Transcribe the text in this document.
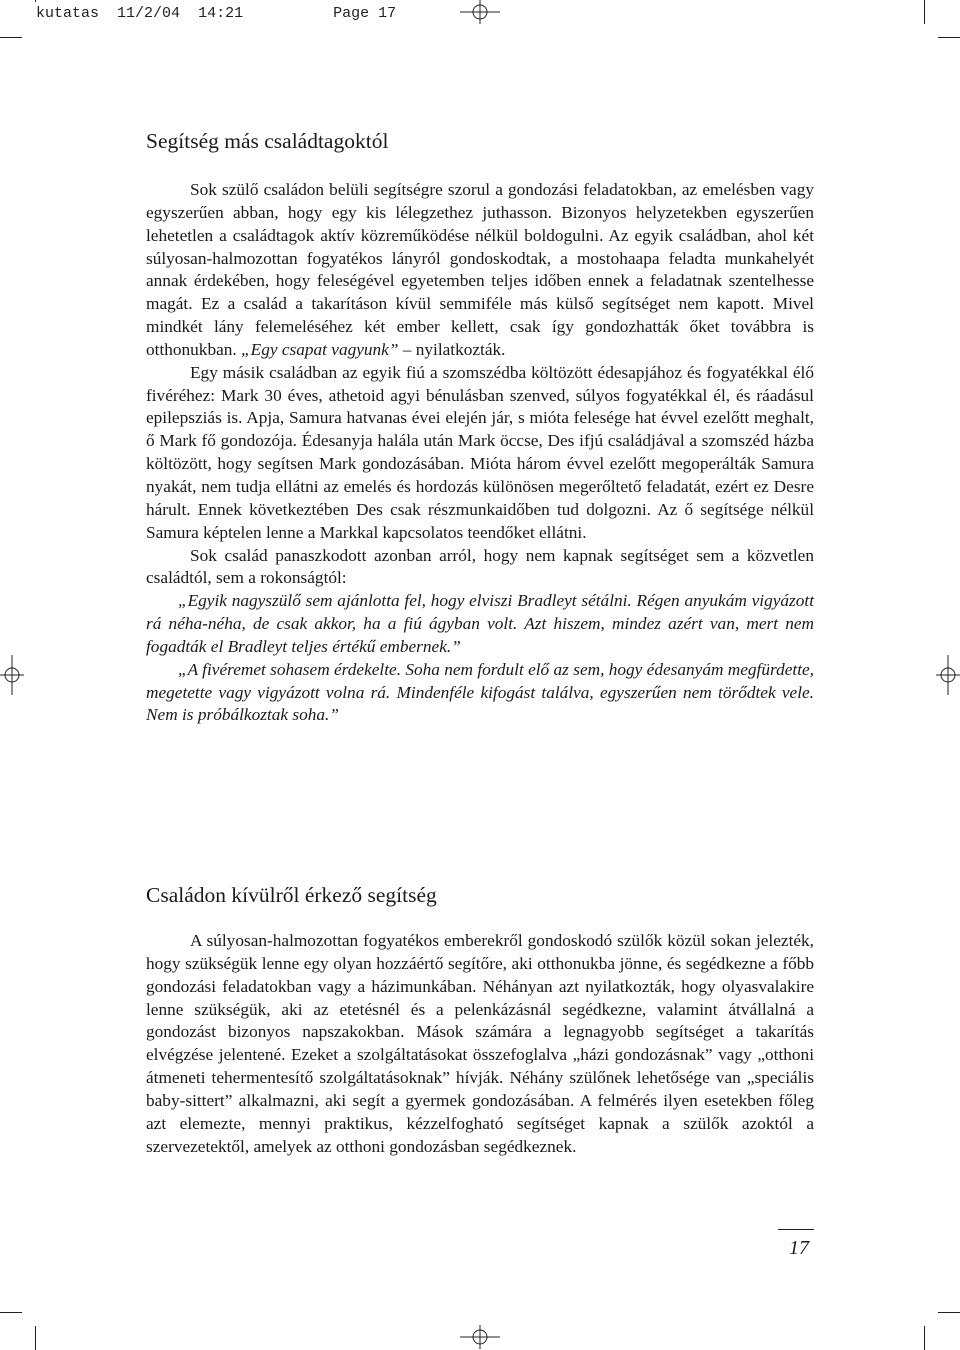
kutatas 11/2/04 14:21	Page 17
Segítség más családtagoktól

Sok szülő családon belüli segítségre szorul a gondozási feladatokban, az emelésben vagy egyszerűen abban, hogy egy kis lélegzethez juthasson. Bizonyos helyzetekben egyszerűen lehetetlen a családtagok aktív közreműködése nélkül boldogulni. Az egyik családban, ahol két súlyosan-halmozottan fogyatékos lányról gondoskodtak, a mostohaapa feladta munkahelyét annak érdekében, hogy feleségével egyetemben teljes időben ennek a feladatnak szentelhesse magát. Ez a család a takarításon kívül semmiféle más külső segítséget nem kapott. Mivel mindkét lány felemeléséhez két ember kellett, csak így gondozhatták őket továbbra is otthonukban. „Egy csapat vagyunk” – nyilatkozták.

Egy másik családban az egyik fiú a szomszédba költözött édesapjához és fogyatékkal élő fivéréhez: Mark 30 éves, athetoid agyi bénulásban szenved, súlyos fogyatékkal él, és ráadásul epilepsziás is. Apja, Samura hatvanas évei elején jár, s mióta felesége hat évvel ezelőtt meghalt, ő Mark fő gondozója. Édesanyja halála után Mark öccse, Des ifjú családjával a szomszéd házba költözött, hogy segítsen Mark gondozásában. Mióta három évvel ezelőtt megoperálták Samura nyakát, nem tudja ellátni az emelés és hordozás különösen megerőltető feladatát, ezért ez Desre hárult. Ennek következtében Des csak részmunkaidőben tud dolgozni. Az ő segítsége nélkül Samura képtelen lenne a Markkal kapcsolatos teendőket ellátni.

Sok család panaszkodott azonban arról, hogy nem kapnak segítséget sem a közvetlen családtól, sem a rokonságtól:

„Egyik nagyszülő sem ajánlotta fel, hogy elviszi Bradleyt sétálni. Régen anyukám vigyázott rá néha-néha, de csak akkor, ha a fiú ágyban volt. Azt hiszem, mindez azért van, mert nem fogadták el Bradleyt teljes értékű embernek.”

„A fivéremet sohasem érdekelte. Soha nem fordult elő az sem, hogy édesanyám megfürdette, megetette vagy vigyázott volna rá. Mindenféle kifogást találva, egyszerűen nem törődtek vele. Nem is próbálkoztak soha.”

Családon kívülről érkező segítség

A súlyosan-halmozottan fogyatékos emberekről gondoskodó szülők közül sokan jelezték, hogy szükségük lenne egy olyan hozzáértő segítőre, aki otthonukba jönne, és segédkezne a főbb gondozási feladatokban vagy a házimunkában. Néhányan azt nyilatkozták, hogy olyasvalakire lenne szükségük, aki az etetésnél és a pelenkázásnál segédkezne, valamint átvállalná a gondozást bizonyos napszakokban. Mások számára a legnagyobb segítséget a takarítás elvégzése jelentené. Ezeket a szolgáltatásokat összefoglalva „házi gondozásnak” vagy „otthoni átmeneti tehermentesítő szolgáltatásoknak” hívják. Néhány szülőnek lehetősége van „speciális baby-sittert” alkalmazni, aki segít a gyermek gondozásában. A felmérés ilyen esetekben főleg azt elemezte, mennyi praktikus, kézzelfogható segítséget kapnak a szülők azoktól a szervezetektől, amelyek az otthoni gondozásban segédkeznek.

17
